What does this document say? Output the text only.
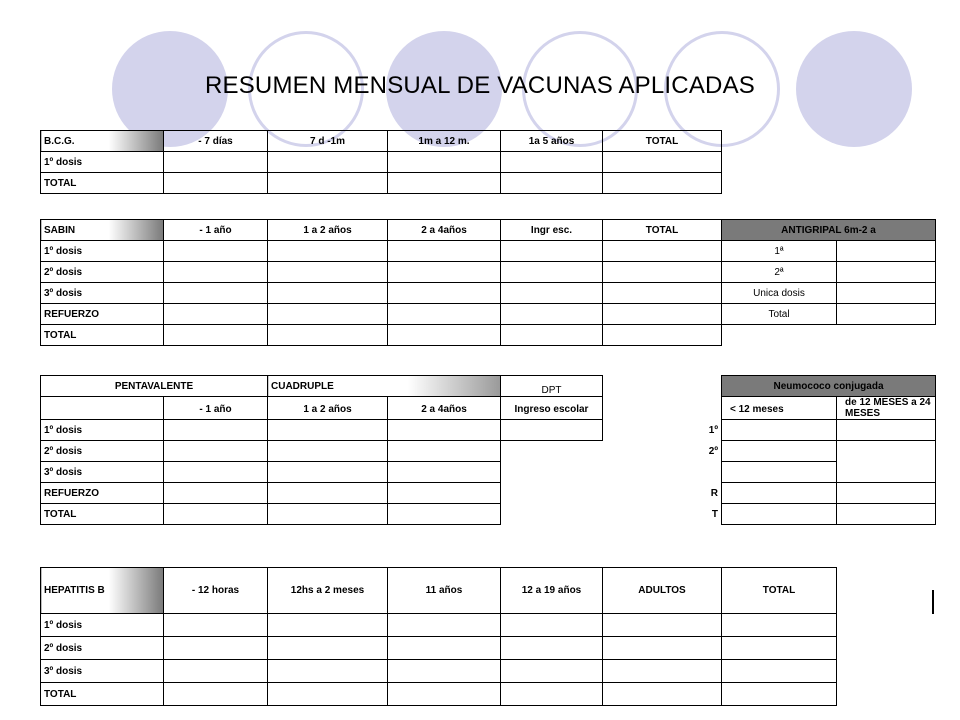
RESUMEN MENSUAL DE VACUNAS APLICADAS
B.C.G.	- 7 días	7 d -1m	1m a 12 m.	1a 5 años	TOTAL
1º dosis					
TOTAL					
SABIN	- 1 año	1 a 2 años	2 a 4años	Ingr esc.	TOTAL	ANTIGRIPAL 6m-2 a	
1º dosis						1ª	
2º dosis						2ª	
3º dosis						Unica dosis	
REFUERZO						Total	
TOTAL							
PENTAVALENTE		CUADRUPLE		DPT		Neumococo conjugada	
	- 1 año	1 a 2 años	2 a 4años	Ingreso escolar		< 12 meses	de 12 MESES a 24 MESES
1º dosis					1º		
2º dosis					2º		
3º dosis							
REFUERZO					R		
TOTAL					T		
HEPATITIS B	- 12 horas	12hs a 2 meses	11 años	12 a 19 años	ADULTOS	TOTAL
1º dosis						
2º dosis						
3º dosis						
TOTAL						
